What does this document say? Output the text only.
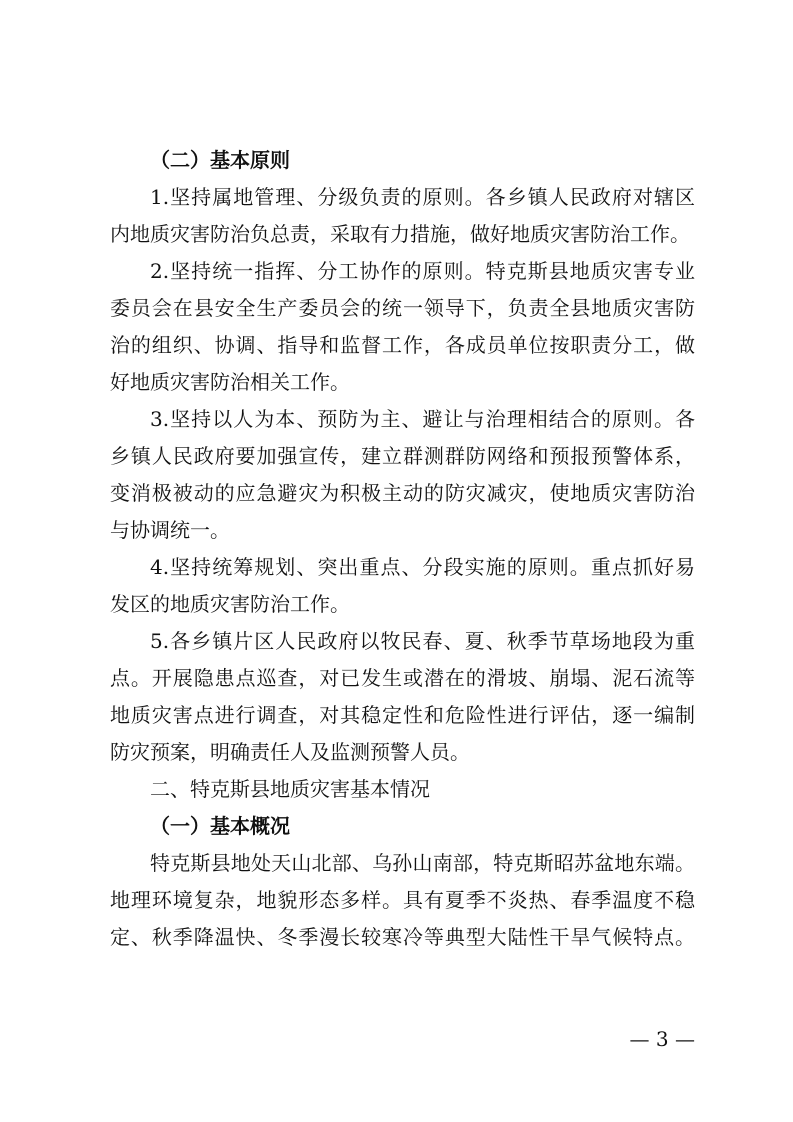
（二）基本原则
1.坚持属地管理、分级负责的原则。各乡镇人民政府对辖区
内地质灾害防治负总责，采取有力措施，做好地质灾害防治工作。
2.坚持统一指挥、分工协作的原则。特克斯县地质灾害专业
委员会在县安全生产委员会的统一领导下，负责全县地质灾害防
治的组织、协调、指导和监督工作，各成员单位按职责分工，做
好地质灾害防治相关工作。
3.坚持以人为本、预防为主、避让与治理相结合的原则。各
乡镇人民政府要加强宣传，建立群测群防网络和预报预警体系，
变消极被动的应急避灾为积极主动的防灾减灾，使地质灾害防治
与协调统一。
4.坚持统筹规划、突出重点、分段实施的原则。重点抓好易
发区的地质灾害防治工作。
5.各乡镇片区人民政府以牧民春、夏、秋季节草场地段为重
点。开展隐患点巡查，对已发生或潜在的滑坡、崩塌、泥石流等
地质灾害点进行调查，对其稳定性和危险性进行评估，逐一编制
防灾预案，明确责任人及监测预警人员。
二、特克斯县地质灾害基本情况
（一）基本概况
特克斯县地处天山北部、乌孙山南部，特克斯昭苏盆地东端。
地理环境复杂，地貌形态多样。具有夏季不炎热、春季温度不稳
定、秋季降温快、冬季漫长较寒冷等典型大陆性干旱气候特点。
— 3 —
